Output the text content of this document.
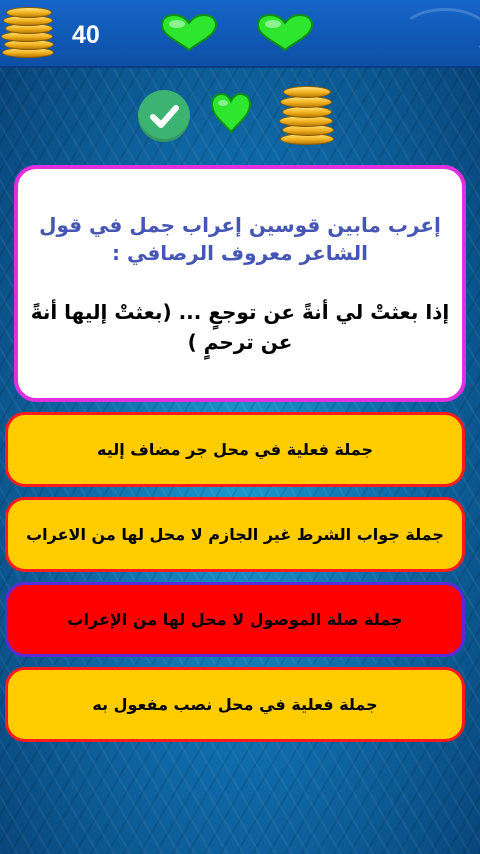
40
إعرب مابين قوسين إعراب جمل في قول الشاعر معروف الرصافي :
إذا بعثتْ لي أنةً عن توجعٍ ... (بعثتْ إليها أنةً عن ترحمٍ )
جملة فعلية في محل جر مضاف إليه
جملة جواب الشرط غير الجازم لا محل لها من الاعراب
جملة صلة الموصول لا محل لها من الإعراب
جملة فعلية في محل نصب مفعول به
